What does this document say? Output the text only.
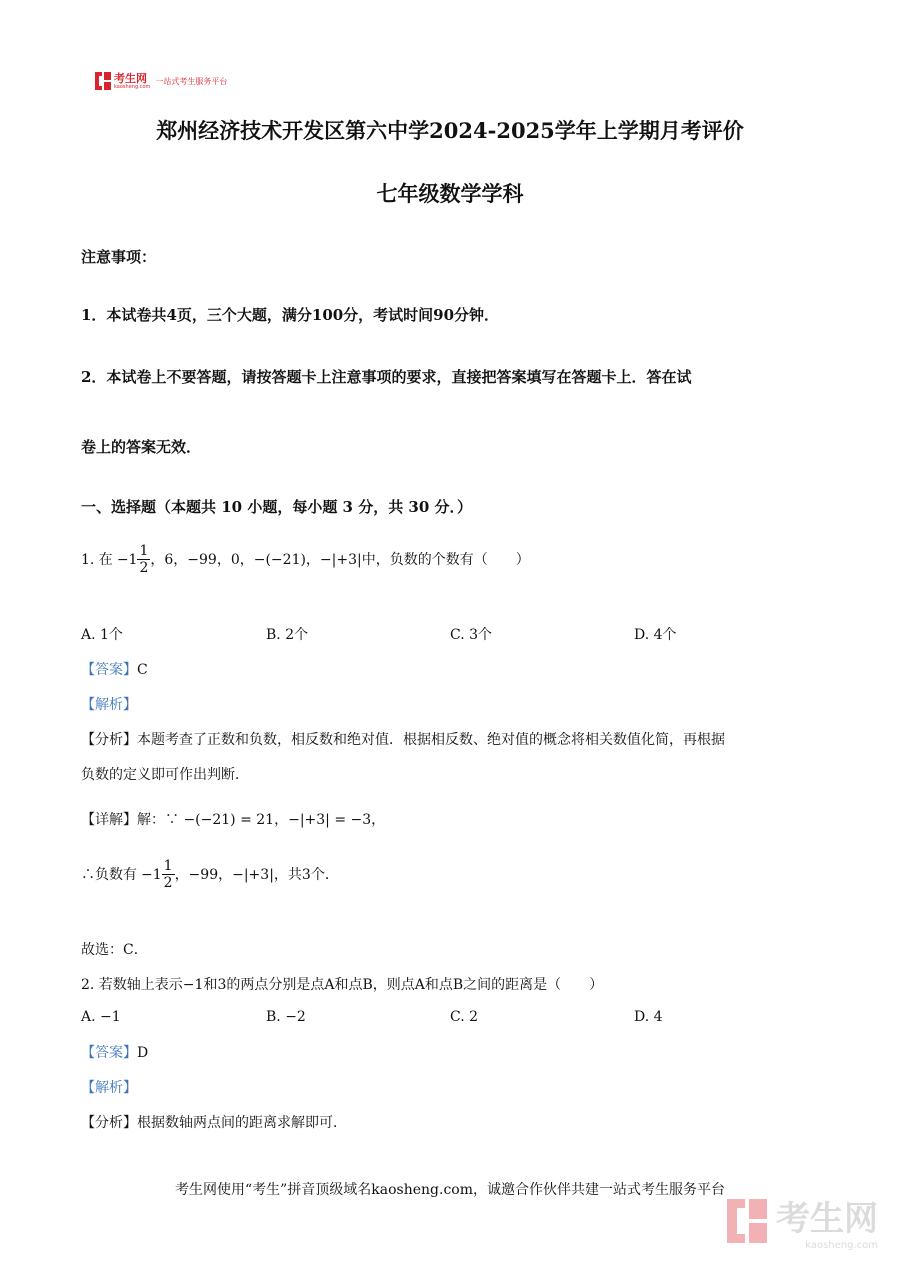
考生网
kaosheng.com
一站式考生服务平台
郑州经济技术开发区第六中学2024-2025学年上学期月考评价
七年级数学学科
注意事项：
1．本试卷共4页，三个大题，满分100分，考试时间90分钟．
2．本试卷上不要答题，请按答题卡上注意事项的要求，直接把答案填写在答题卡上．答在试
卷上的答案无效．
一、选择题（本题共 10 小题，每小题 3 分，共 30 分．）
1. 在 $-1 \frac{1}{2}$ ，6，−99，0，−(−21)，−|+3|中，负数的个数有（　　）
A. 1个	B. 2个	C. 3个	D. 4个
【答案】C
【解析】
【分析】本题考查了正数和负数，相反数和绝对值．根据相反数、绝对值的概念将相关数值化简，再根据
负数的定义即可作出判断．
【详解】解：∵ −(−21) = 21，−|+3| = −3，
∴负数有 $-1 \frac{1}{2}$ ，−99，−|+3|，共3个．
故选：C．
2. 若数轴上表示−1和3的两点分别是点A和点B，则点A和点B之间的距离是（　　）
A. −1	B. −2	C. 2	D. 4
【答案】D
【解析】
【分析】根据数轴两点间的距离求解即可．
考生网使用“考生”拼音顶级域名kaosheng.com，诚邀合作伙伴共建一站式考生服务平台
考生网
kaosheng.com
